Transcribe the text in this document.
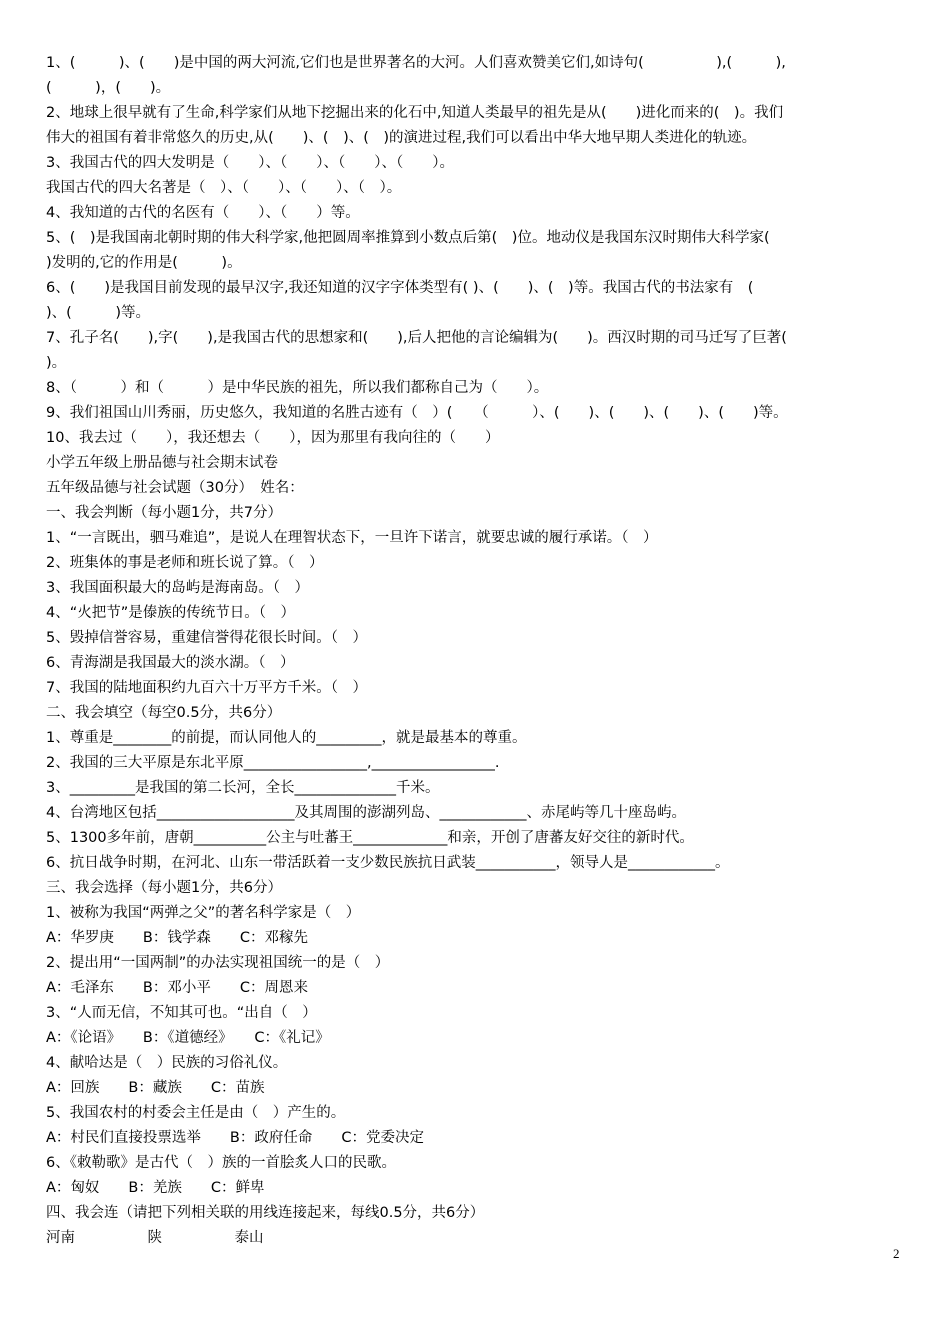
1、(　　　)、(　　)是中国的两大河流,它们也是世界著名的大河。人们喜欢赞美它们,如诗句(　　　　　),(　　　),
(　　　)，(　　)。
2、地球上很早就有了生命,科学家们从地下挖掘出来的化石中,知道人类最早的祖先是从(　　)进化而来的(　)。我们
伟大的祖国有着非常悠久的历史,从(　　)、(　)、(　)的演进过程,我们可以看出中华大地早期人类进化的轨迹。
3、我国古代的四大发明是（　　）、（　　）、（　　）、（　　）。
我国古代的四大名著是（　）、（　　）、（　　）、（　）。
4、我知道的古代的名医有（　　）、（　　）等。
5、(　)是我国南北朝时期的伟大科学家,他把圆周率推算到小数点后第(　)位。地动仪是我国东汉时期伟大科学家(
)发明的,它的作用是(　　　)。
6、(　　)是我国目前发现的最早汉字,我还知道的汉字字体类型有( )、(　　)、(　)等。我国古代的书法家有　(
)、(　　　)等。
7、孔子名(　　),字(　　),是我国古代的思想家和(　　),后人把他的言论编辑为(　　)。西汉时期的司马迁写了巨著(
)。
8、（　　　）和（　　　）是中华民族的祖先，所以我们都称自己为（　　）。
9、我们祖国山川秀丽，历史悠久，我知道的名胜古迹有（　）(　　（　　　）、(　　)、(　　)、(　　)、(　　)等。
10、我去过（　　），我还想去（　　），因为那里有我向往的（　　）
小学五年级上册品德与社会期末试卷
五年级品德与社会试题（30分）　姓名：
一、我会判断（每小题1分，共7分）
1、“一言既出，驷马难追”，是说人在理智状态下，一旦许下诺言，就要忠诚的履行承诺。（　）
2、班集体的事是老师和班长说了算。（　）
3、我国面积最大的岛屿是海南岛。（　）
4、“火把节”是傣族的传统节日。（　）
5、毁掉信誉容易，重建信誉得花很长时间。（　）
6、青海湖是我国最大的淡水湖。（　）
7、我国的陆地面积约九百六十万平方千米。（　）
二、我会填空（每空0.5分，共6分）
1、尊重是________的前提，而认同他人的_________，就是最基本的尊重。
2、我国的三大平原是东北平原_________________,_________________.
3、_________是我国的第二长河，全长______________千米。
4、台湾地区包括___________________及其周围的澎湖列岛、____________、赤尾屿等几十座岛屿。
5、1300多年前，唐朝__________公主与吐蕃王_____________和亲，开创了唐蕃友好交往的新时代。
6、抗日战争时期，在河北、山东一带活跃着一支少数民族抗日武装___________，领导人是____________。
三、我会选择（每小题1分，共6分）
1、被称为我国“两弹之父”的著名科学家是（　）
A：华罗庚　　B：钱学森　　C：邓稼先
2、提出用“一国两制”的办法实现祖国统一的是（　）
A：毛泽东　　B：邓小平　　C：周恩来
3、“人而无信，不知其可也。“出自（　）
A：《论语》　　B：《道德经》　　C：《礼记》
4、献哈达是（　）民族的习俗礼仪。
A：回族　　B：藏族　　C：苗族
5、我国农村的村委会主任是由（　）产生的。
A：村民们直接投票选举　　B：政府任命　　C：党委决定
6、《敕勒歌》是古代（　）族的一首脍炙人口的民歌。
A：匈奴　　B：羌族　　C：鲜卑
四、我会连（请把下列相关联的用线连接起来，每线0.5分，共6分）
河南　　　　　陕　　　　　泰山
2
